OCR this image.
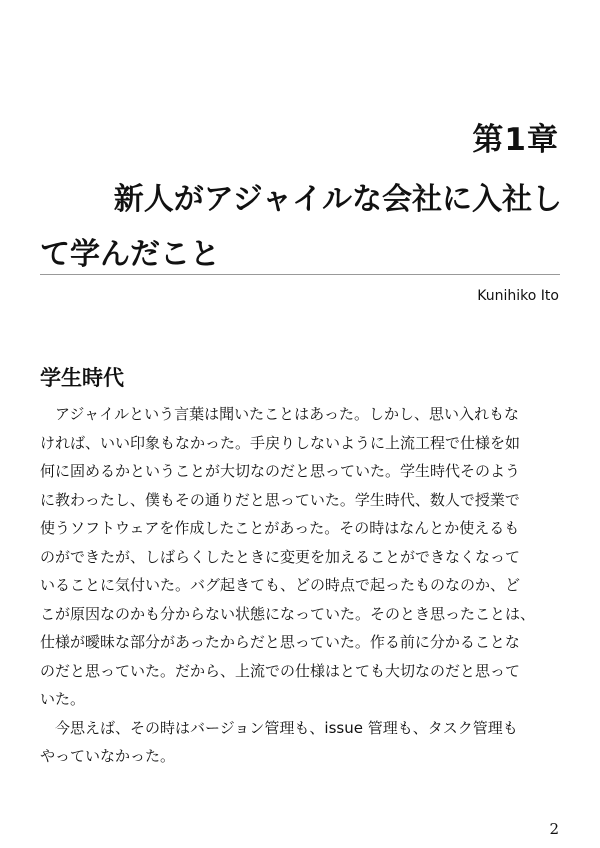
第1章
新人がアジャイルな会社に入社し
て学んだこと
Kunihiko Ito
学生時代

アジャイルという言葉は聞いたことはあった。しかし、思い入れもな
ければ、いい印象もなかった。手戻りしないように上流工程で仕様を如
何に固めるかということが大切なのだと思っていた。学生時代そのよう
に教わったし、僕もその通りだと思っていた。学生時代、数人で授業で
使うソフトウェアを作成したことがあった。その時はなんとか使えるも
のができたが、しばらくしたときに変更を加えることができなくなって
いることに気付いた。バグ起きても、どの時点で起ったものなのか、ど
こが原因なのかも分からない状態になっていた。そのとき思ったことは、
仕様が曖昧な部分があったからだと思っていた。作る前に分かることな
のだと思っていた。だから、上流での仕様はとても大切なのだと思って
いた。

今思えば、その時はバージョン管理も、issue 管理も、タスク管理も
やっていなかった。

2
